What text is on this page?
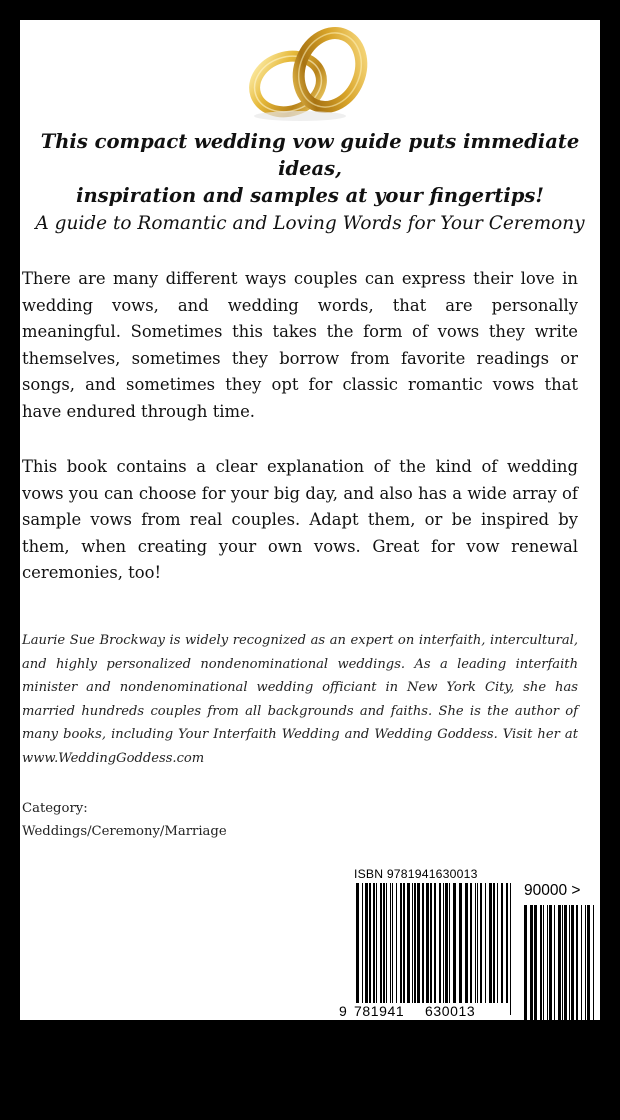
This compact wedding vow guide puts immediate ideas,
inspiration and samples at your fingertips!

A guide to Romantic and Loving Words for Your Ceremony

There are many different ways couples can express their love in wedding vows, and wedding words, that are personally meaningful. Sometimes this takes the form of vows they write themselves, sometimes they borrow from favorite readings or songs, and sometimes they opt for classic romantic vows that have endured through time.

This book contains a clear explanation of the kind of wedding vows you can choose for your big day, and also has a wide array of sample vows from real couples. Adapt them, or be inspired by them, when creating your own vows. Great for vow renewal ceremonies, too!

Laurie Sue Brockway is widely recognized as an expert on interfaith, intercultural, and highly personalized nondenominational weddings. As a leading interfaith minister and nondenominational wedding officiant in New York City, she has married hundreds couples from all backgrounds and faiths. She is the author of many books, including Your Interfaith Wedding and Wedding Goddess. Visit her at www.WeddingGoddess.com

Category:
Weddings/Ceremony/Marriage

ISBN 9781941630013
90000 >
9 781941 630013
